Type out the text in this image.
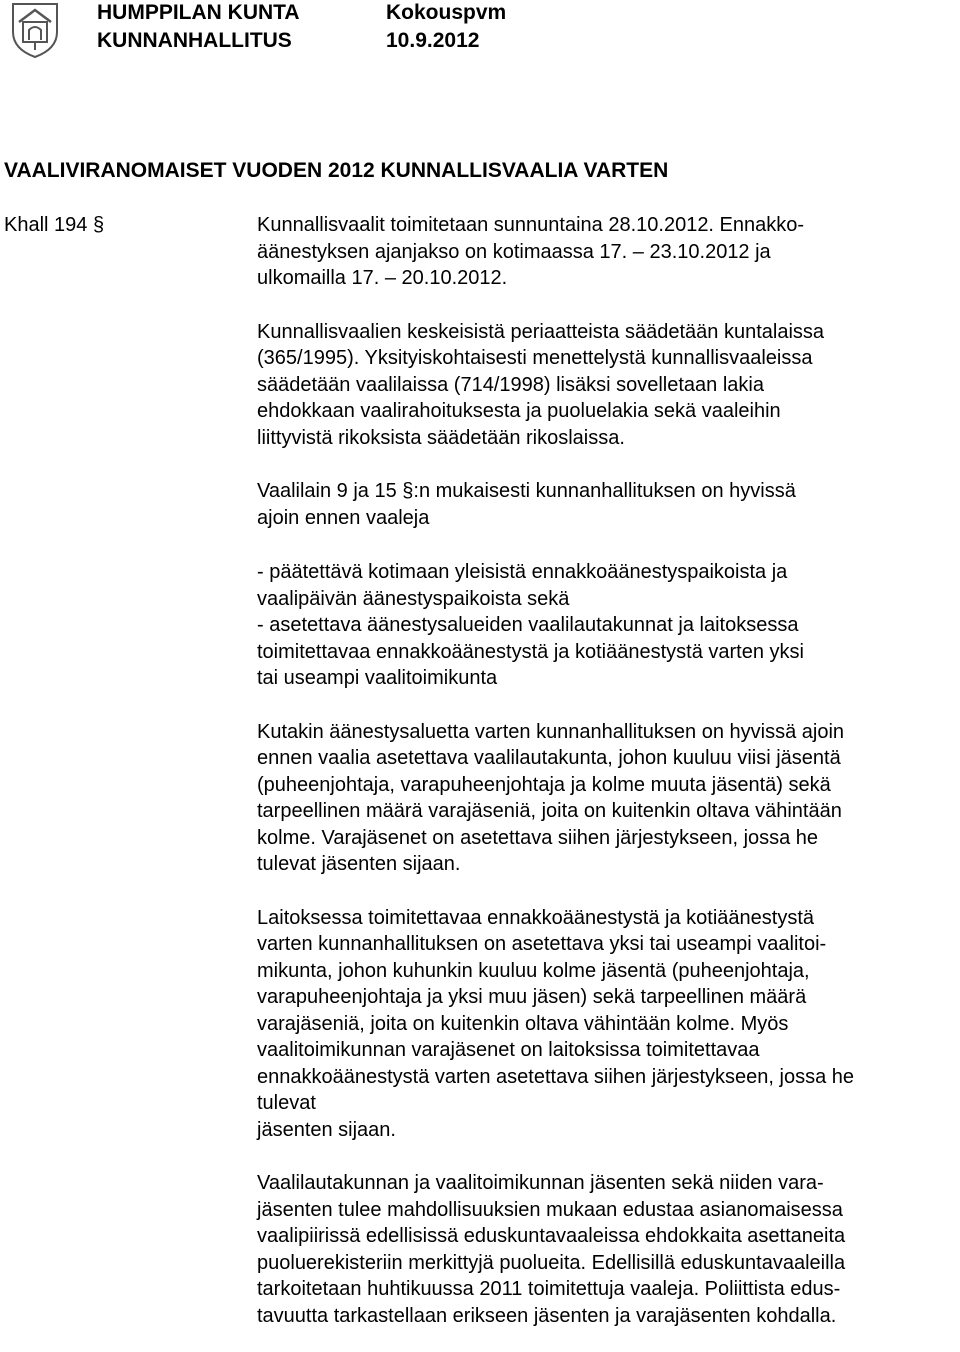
HUMPPILAN KUNTA	Kokouspvm
KUNNANHALLITUS	10.9.2012
VAALIVIRANOMAISET VUODEN 2012 KUNNALLISVAALIA VARTEN
Khall 194 §	Kunnallisvaalit toimitetaan sunnuntaina 28.10.2012. Ennakko-
äänestyksen ajanjakso on kotimaassa 17. – 23.10.2012 ja
ulkomailla 17. – 20.10.2012.

Kunnallisvaalien keskeisistä periaatteista säädetään kuntalaissa
(365/1995). Yksityiskohtaisesti menettelystä kunnallisvaaleissa
säädetään vaalilaissa (714/1998) lisäksi sovelletaan lakia
ehdokkaan vaalirahoituksesta ja puoluelakia sekä vaaleihin
liittyvistä rikoksista säädetään rikoslaissa.

Vaalilain 9 ja 15 §:n mukaisesti kunnanhallituksen on hyvissä
ajoin ennen vaaleja

- päätettävä kotimaan yleisistä ennakkoäänestyspaikoista ja
vaalipäivän äänestyspaikoista sekä
- asetettava äänestysalueiden vaalilautakunnat ja laitoksessa
toimitettavaa ennakkoäänestystä ja kotiäänestystä varten yksi
tai useampi vaalitoimikunta

Kutakin äänestysaluetta varten kunnanhallituksen on hyvissä ajoin
ennen vaalia asetettava vaalilautakunta, johon kuuluu viisi jäsentä
(puheenjohtaja, varapuheenjohtaja ja kolme muuta jäsentä) sekä
tarpeellinen määrä varajäseniä, joita on kuitenkin oltava vähintään
kolme. Varajäsenet on asetettava siihen järjestykseen, jossa he
tulevat jäsenten sijaan.

Laitoksessa toimitettavaa ennakkoäänestystä ja kotiäänestystä
varten kunnanhallituksen on asetettava yksi tai useampi vaalitoi-
mikunta, johon kuhunkin kuuluu kolme jäsentä (puheenjohtaja,
varapuheenjohtaja ja yksi muu jäsen) sekä tarpeellinen määrä
varajäseniä, joita on kuitenkin oltava vähintään kolme. Myös
vaalitoimikunnan varajäsenet on laitoksissa toimitettavaa
ennakkoäänestystä varten asetettava siihen järjestykseen, jossa he
tulevat
jäsenten sijaan.

Vaalilautakunnan ja vaalitoimikunnan jäsenten sekä niiden vara-
jäsenten tulee mahdollisuuksien mukaan edustaa asianomaisessa
vaalipiirissä edellisissä eduskuntavaaleissa ehdokkaita asettaneita
puoluerekisteriin merkittyjä puolueita. Edellisillä eduskuntavaaleilla
tarkoitetaan huhtikuussa 2011 toimitettuja vaaleja. Poliittista edus-
tavuutta tarkastellaan erikseen jäsenten ja varajäsenten kohdalla.
